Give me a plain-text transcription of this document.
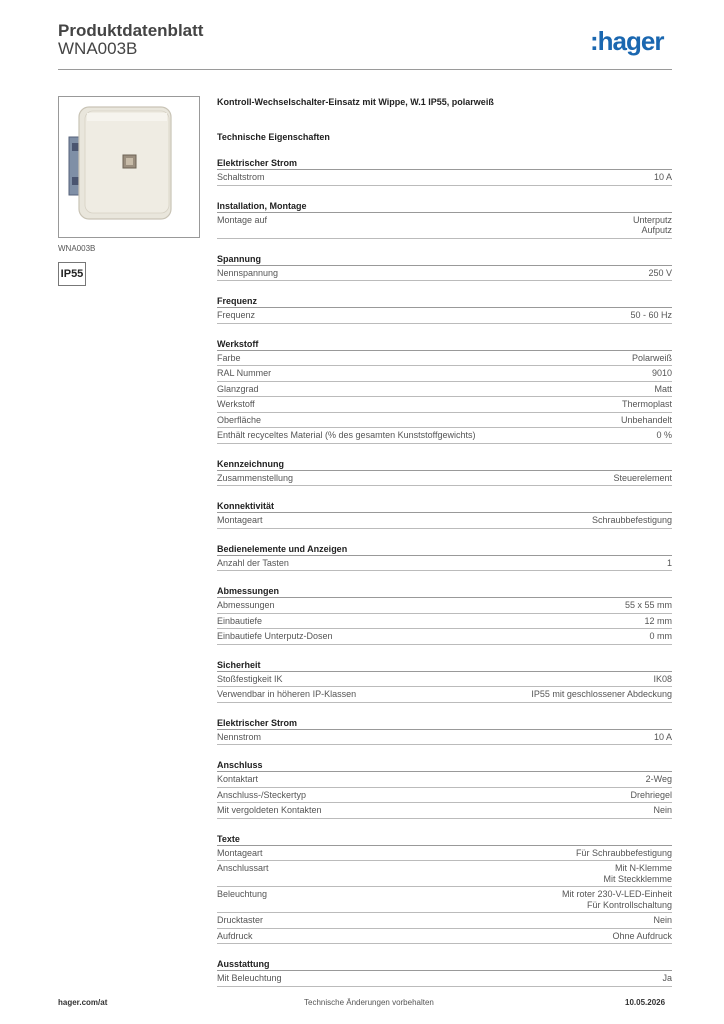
Produktdatenblatt
WNA003B	:hager
WNA003B
IP55
Kontroll-Wechselschalter-Einsatz mit Wippe, W.1 IP55, polarweiß
Technische Eigenschaften
Elektrischer Strom
Schaltstrom	10 A
Installation, Montage
Montage auf	Unterputz
Aufputz
Spannung
Nennspannung	250 V
Frequenz
Frequenz	50 - 60 Hz
Werkstoff
Farbe	Polarweiß
RAL Nummer	9010
Glanzgrad	Matt
Werkstoff	Thermoplast
Oberfläche	Unbehandelt
Enthält recyceltes Material (% des gesamten Kunststoffgewichts)	0 %
Kennzeichnung
Zusammenstellung	Steuerelement
Konnektivität
Montageart	Schraubbefestigung
Bedienelemente und Anzeigen
Anzahl der Tasten	1
Abmessungen
Abmessungen	55 x 55 mm
Einbautiefe	12 mm
Einbautiefe Unterputz-Dosen	0 mm
Sicherheit
Stoßfestigkeit IK	IK08
Verwendbar in höheren IP-Klassen	IP55 mit geschlossener Abdeckung
Elektrischer Strom
Nennstrom	10 A
Anschluss
Kontaktart	2-Weg
Anschluss-/Steckertyp	Drehriegel
Mit vergoldeten Kontakten	Nein
Texte
Montageart	Für Schraubbefestigung
Anschlussart	Mit N-Klemme
Mit Steckklemme
Beleuchtung	Mit roter 230-V-LED-Einheit
Für Kontrollschaltung
Drucktaster	Nein
Aufdruck	Ohne Aufdruck
Ausstattung
Mit Beleuchtung	Ja
hager.com/at	Technische Änderungen vorbehalten	10.05.2026
